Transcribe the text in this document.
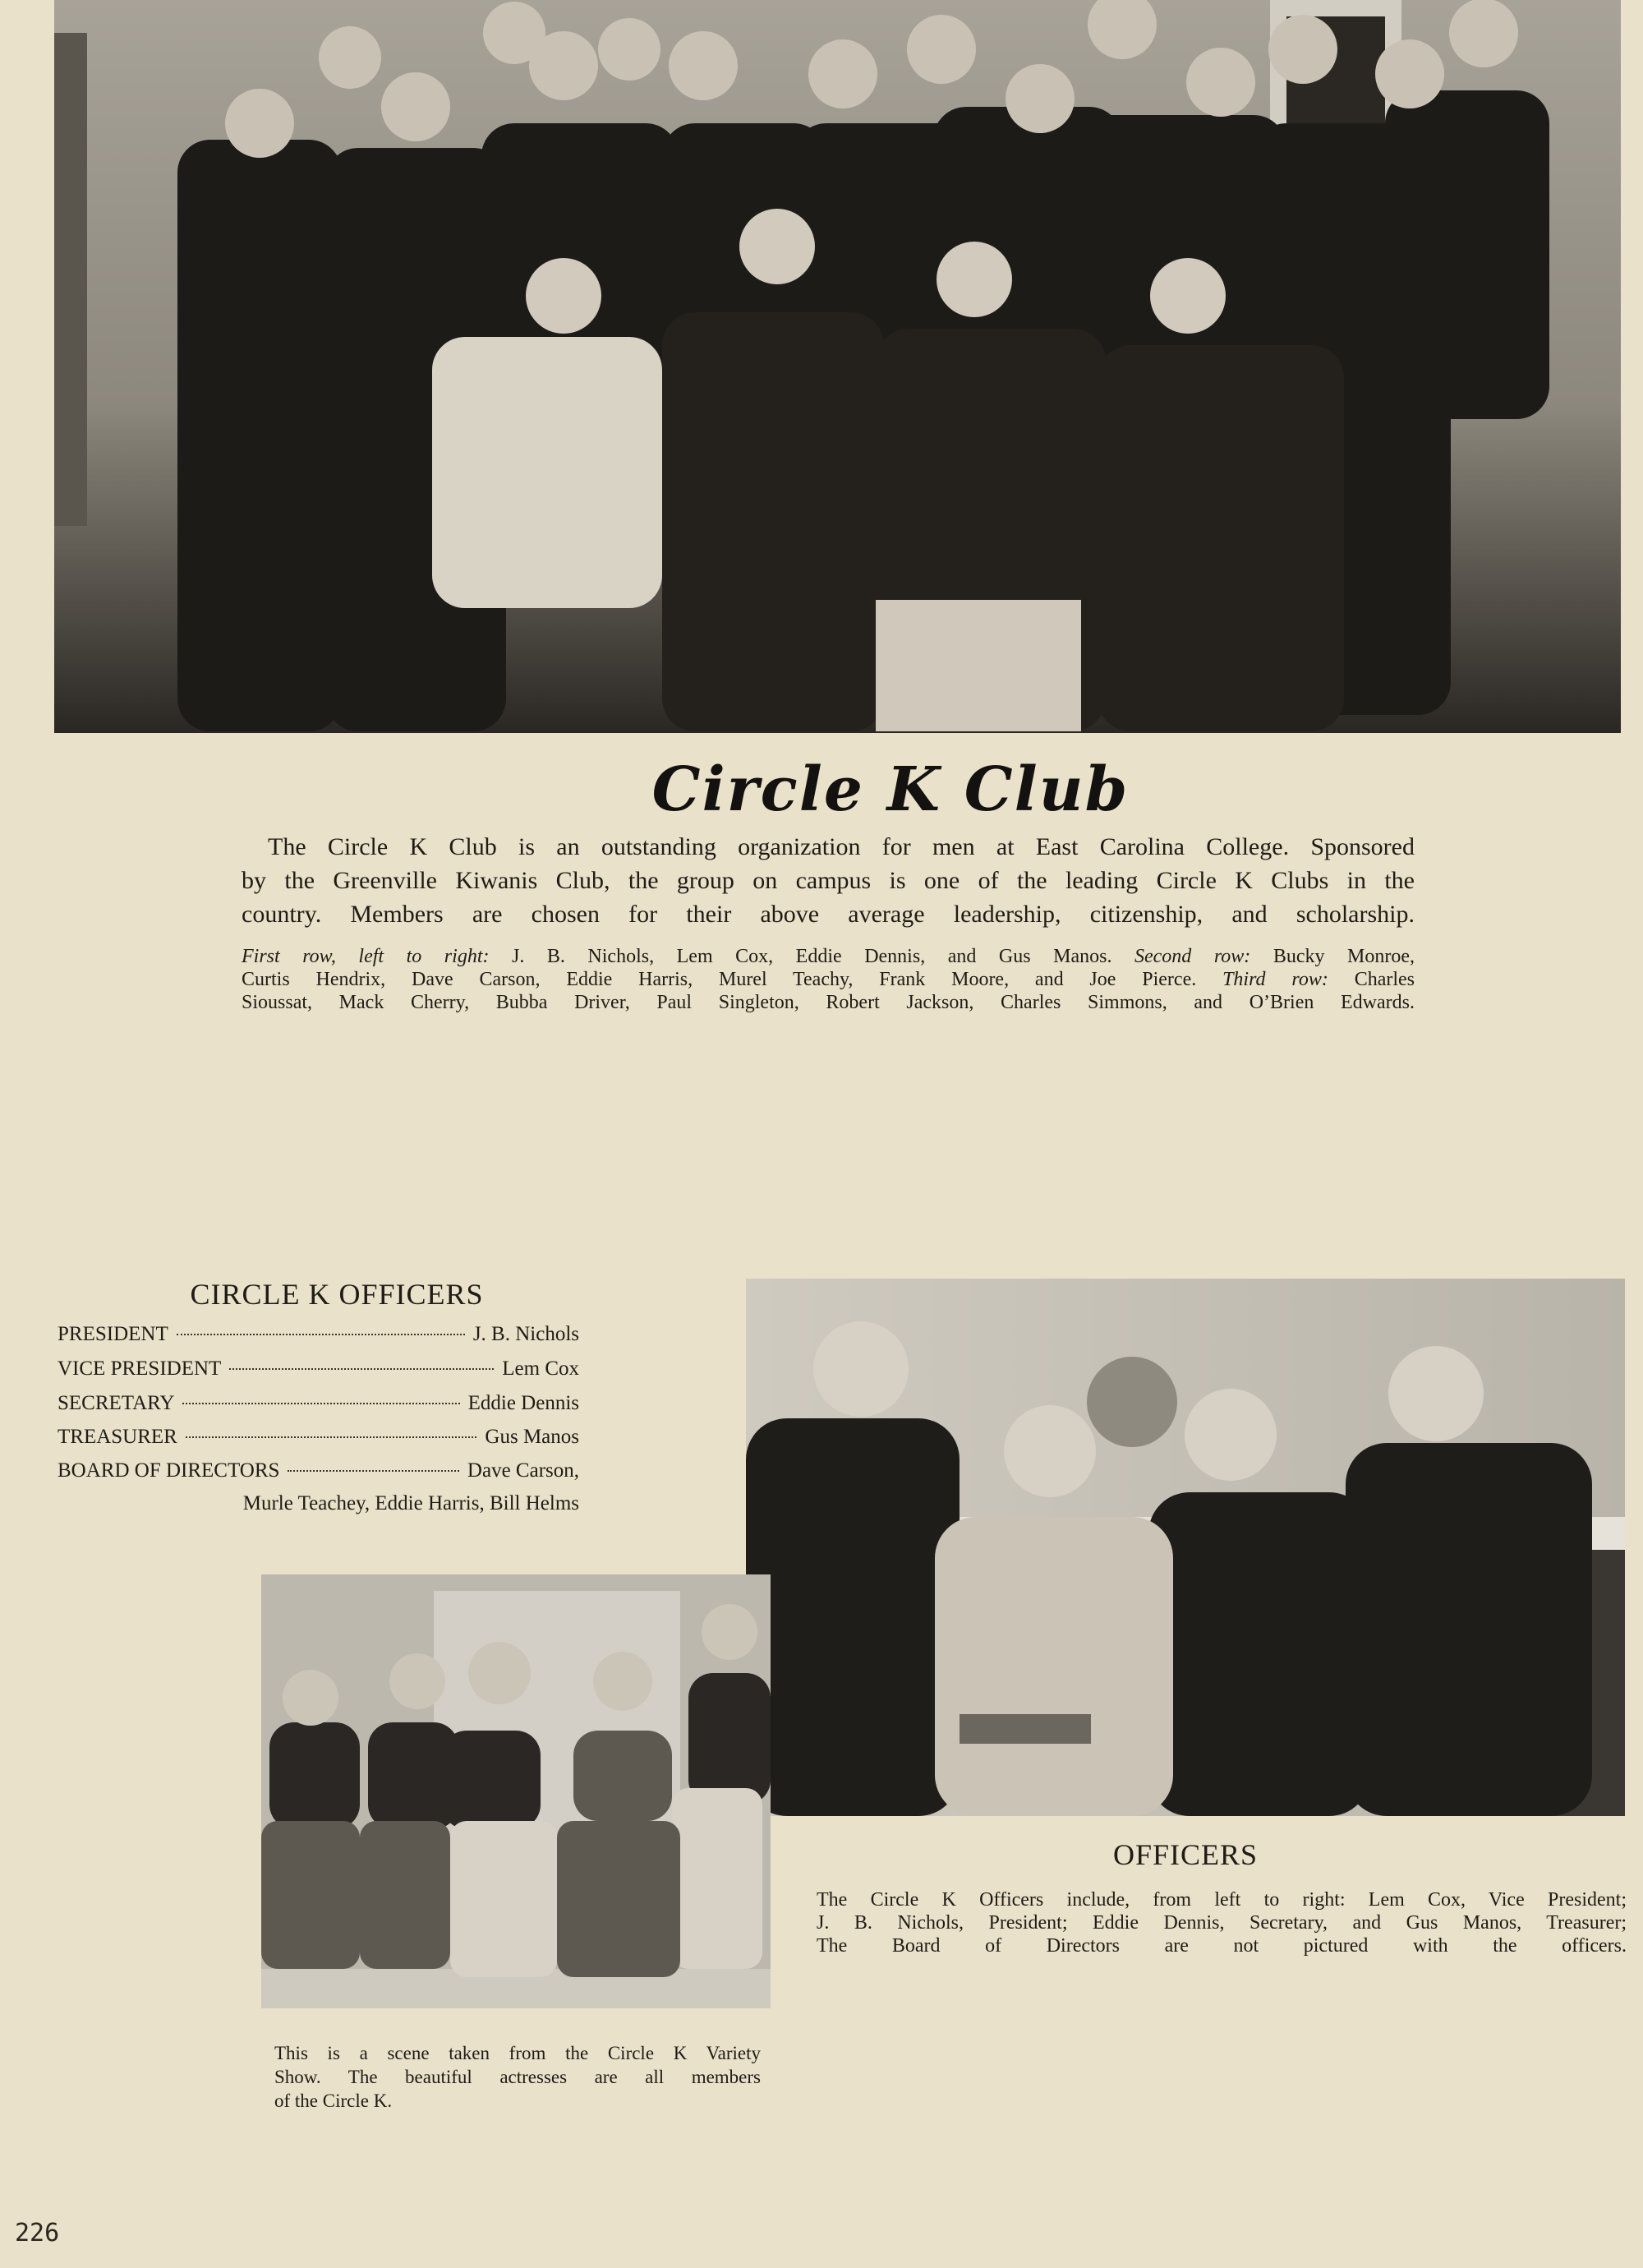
Circle K Club
The Circle K Club is an outstanding organization for men at East Carolina College. Sponsored
by the Greenville Kiwanis Club, the group on campus is one of the leading Circle K Clubs in the
country. Members are chosen for their above average leadership, citizenship, and scholarship.
First row, left to right: J. B. Nichols, Lem Cox, Eddie Dennis, and Gus Manos. Second row: Bucky Monroe,
Curtis Hendrix, Dave Carson, Eddie Harris, Murel Teachy, Frank Moore, and Joe Pierce. Third row: Charles
Sioussat, Mack Cherry, Bubba Driver, Paul Singleton, Robert Jackson, Charles Simmons, and O’Brien Edwards.
CIRCLE K OFFICERS
PRESIDENT	J. B. Nichols
VICE PRESIDENT	Lem Cox
SECRETARY	Eddie Dennis
TREASURER	Gus Manos
BOARD OF DIRECTORS	Dave Carson,
Murle Teachey, Eddie Harris, Bill Helms
OFFICERS
The Circle K Officers include, from left to right: Lem Cox, Vice President;
J. B. Nichols, President; Eddie Dennis, Secretary, and Gus Manos, Treasurer;
The Board of Directors are not pictured with the officers.
This is a scene taken from the Circle K Variety
Show. The beautiful actresses are all members
of the Circle K.
226
